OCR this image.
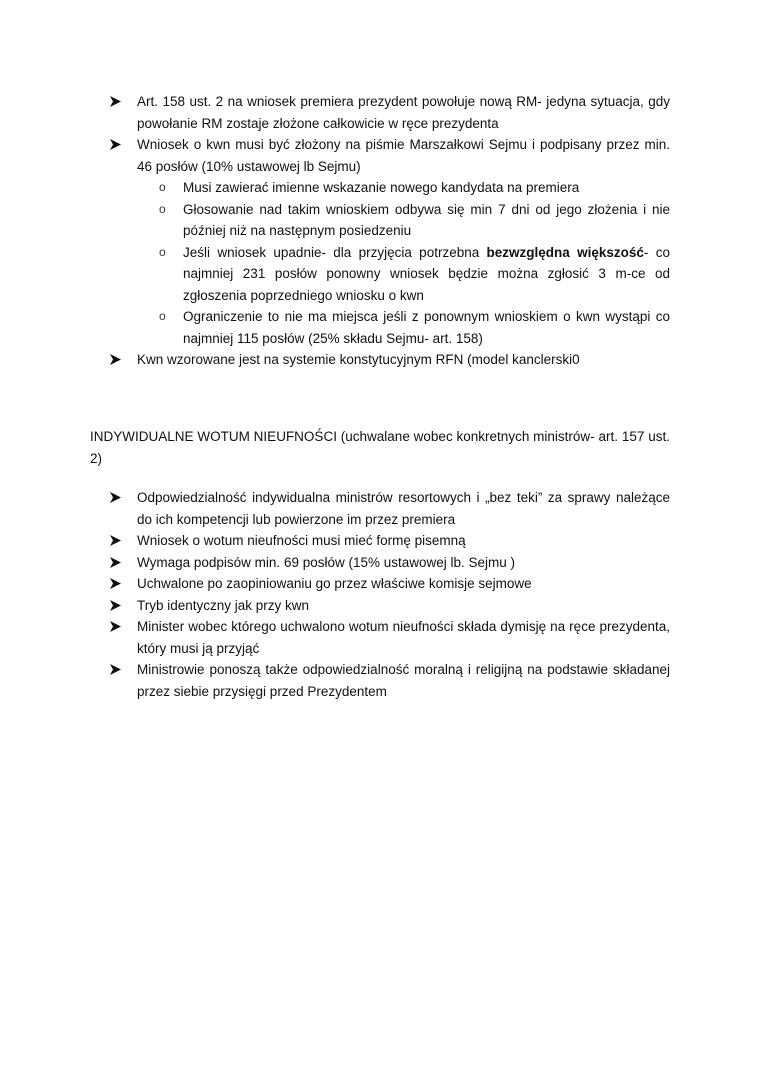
Art. 158 ust. 2 na wniosek premiera prezydent powołuje nową RM- jedyna sytuacja, gdy powołanie RM zostaje złożone całkowicie w ręce prezydenta
Wniosek o kwn musi być złożony na piśmie Marszałkowi Sejmu i podpisany przez min. 46 posłów (10% ustawowej lb Sejmu)
o Musi zawierać imienne wskazanie nowego kandydata na premiera
o Głosowanie nad takim wnioskiem odbywa się min 7 dni od jego złożenia i nie później niż na następnym posiedzeniu
o Jeśli wniosek upadnie- dla przyjęcia potrzebna bezwzględna większość- co najmniej 231 posłów ponowny wniosek będzie można zgłosić 3 m-ce od zgłoszenia poprzedniego wniosku o kwn
o Ograniczenie to nie ma miejsca jeśli z ponownym wnioskiem o kwn wystąpi co najmniej 115 posłów (25% składu Sejmu- art. 158)
Kwn wzorowane jest na systemie konstytucyjnym RFN (model kanclerski0
INDYWIDUALNE WOTUM NIEUFNOŚCI (uchwalane wobec konkretnych ministrów- art. 157 ust. 2)
Odpowiedzialność indywidualna ministrów resortowych i „bez teki” za sprawy należące do ich kompetencji lub powierzone im przez premiera
Wniosek o wotum nieufności musi mieć formę pisemną
Wymaga podpisów min. 69 posłów (15% ustawowej lb. Sejmu )
Uchwalone po zaopiniowaniu go przez właściwe komisje sejmowe
Tryb identyczny jak przy kwn
Minister wobec którego uchwalono wotum nieufności składa dymisję na ręce prezydenta, który musi ją przyjąć
Ministrowie ponoszą także odpowiedzialność moralną i religijną na podstawie składanej przez siebie przysięgi przed Prezydentem
